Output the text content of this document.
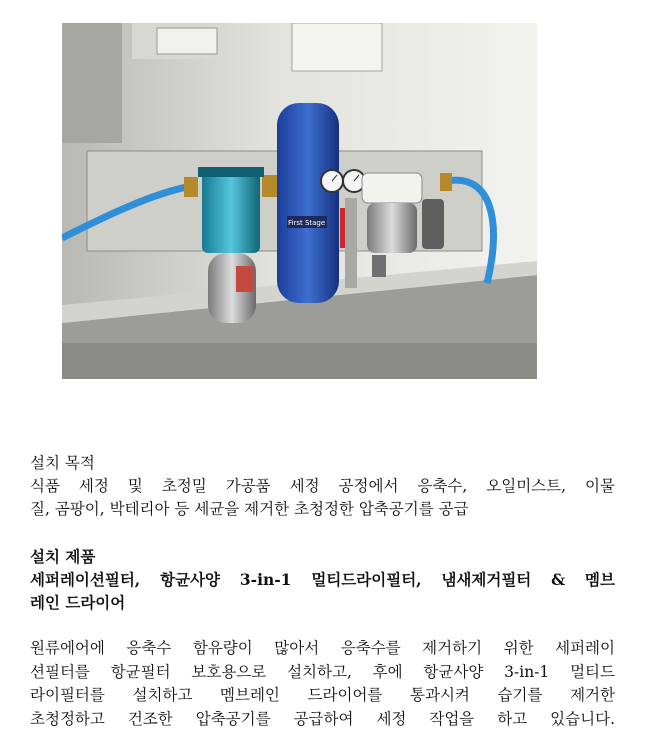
First Stage
설치 목적
식품 세정 및 초정밀 가공품 세정 공정에서 응축수, 오일미스트, 이물
질, 곰팡이, 박테리아 등 세균을 제거한 초청정한 압축공기를 공급
설치 제품
세퍼레이션필터, 항균사양 3-in-1 멀티드라이필터, 냄새제거필터 & 멤브
레인 드라이어
원류에어에 응축수 함유량이 많아서 응축수를 제거하기 위한 세퍼레이
션필터를 항균필터 보호용으로 설치하고, 후에 항균사양 3-in-1 멀티드
라이필터를 설치하고 멤브레인 드라이어를 통과시켜 습기를 제거한
초청정하고 건조한 압축공기를 공급하여 세정 작업을 하고 있습니다.
